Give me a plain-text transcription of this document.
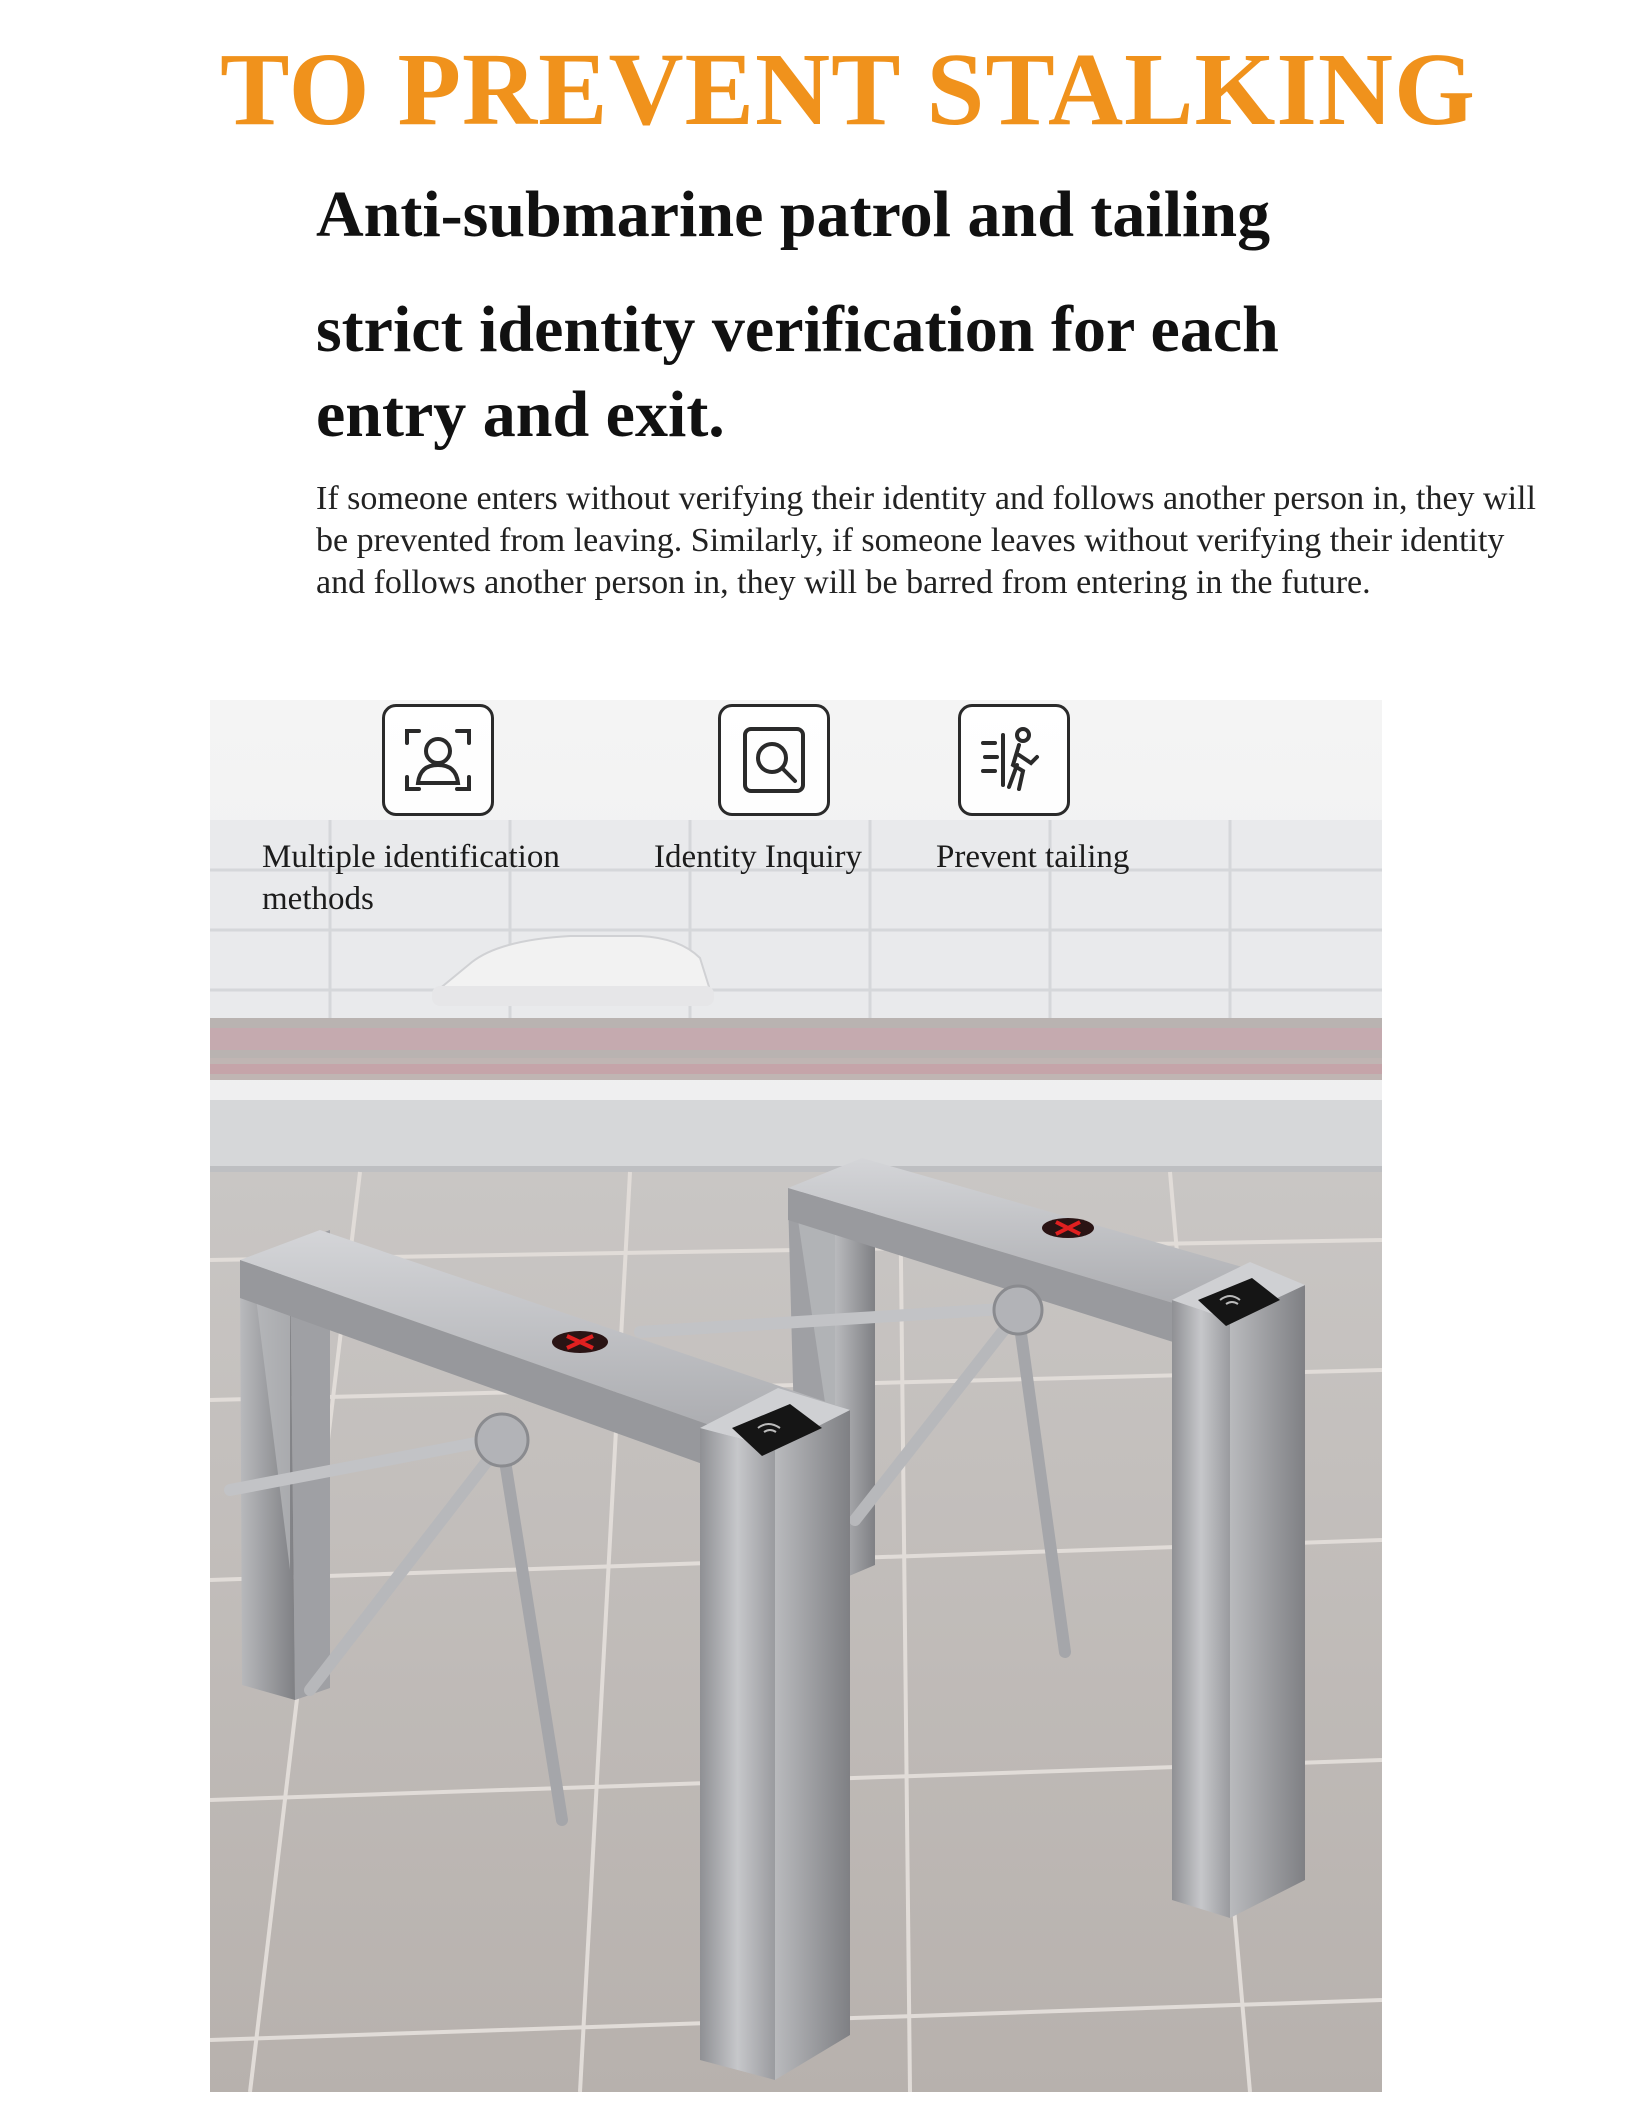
TO PREVENT STALKING
Anti-submarine patrol and tailing
strict identity verification for each
entry and exit.
If someone enters without verifying their identity and follows another person in, they will be prevented from leaving. Similarly, if someone leaves without verifying their identity and follows another person in, they will be barred from entering in the future.
Multiple identification methods
Identity Inquiry	Prevent tailing
